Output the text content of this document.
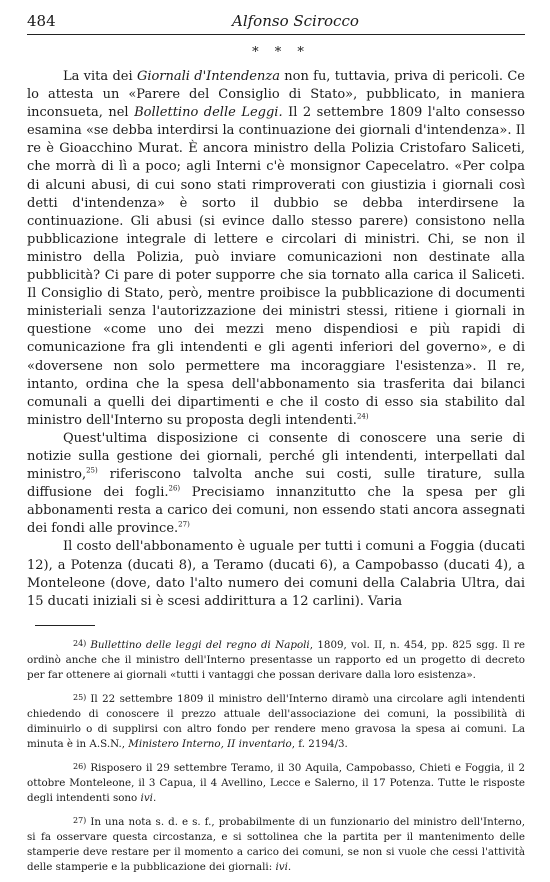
484	Alfonso Scirocco
* * *

La vita dei Giornali d'Intendenza non fu, tuttavia, priva di pericoli. Ce lo attesta un «Parere del Consiglio di Stato», pubblicato, in maniera inconsueta, nel Bollettino delle Leggi. Il 2 settembre 1809 l'alto consesso esamina «se debba interdirsi la continuazione dei giornali d'intendenza». Il re è Gioacchino Murat. È ancora ministro della Polizia Cristofaro Saliceti, che morrà di lì a poco; agli Interni c'è monsignor Capecelatro. «Per colpa di alcuni abusi, di cui sono stati rimproverati con giustizia i giornali così detti d'intendenza» è sorto il dubbio se debba interdirsene la continuazione. Gli abusi (si evince dallo stesso parere) consistono nella pubblicazione integrale di lettere e circolari di ministri. Chi, se non il ministro della Polizia, può inviare comunicazioni non destinate alla pubblicità? Ci pare di poter supporre che sia tornato alla carica il Saliceti. Il Consiglio di Stato, però, mentre proibisce la pubblicazione di documenti ministeriali senza l'autorizzazione dei ministri stessi, ritiene i giornali in questione «come uno dei mezzi meno dispendiosi e più rapidi di comunicazione fra gli intendenti e gli agenti inferiori del governo», e di «doversene non solo permettere ma incoraggiare l'esistenza». Il re, intanto, ordina che la spesa dell'abbonamento sia trasferita dai bilanci comunali a quelli dei dipartimenti e che il costo di esso sia stabilito dal ministro dell'Interno su proposta degli intendenti.$^{24)}$

Quest'ultima disposizione ci consente di conoscere una serie di notizie sulla gestione dei giornali, perché gli intendenti, interpellati dal ministro,$^{25)}$ riferiscono talvolta anche sui costi, sulle tirature, sulla diffusione dei fogli.$^{26)}$ Precisiamo innanzitutto che la spesa per gli abbonamenti resta a carico dei comuni, non essendo stati ancora assegnati dei fondi alle province.$^{27)}$

Il costo dell'abbonamento è uguale per tutti i comuni a Foggia (ducati 12), a Potenza (ducati 8), a Teramo (ducati 6), a Campobasso (ducati 4), a Monteleone (dove, dato l'alto numero dei comuni della Calabria Ultra, dai 15 ducati iniziali si è scesi addirittura a 12 carlini). Varia

24) Bullettino delle leggi del regno di Napoli, 1809, vol. II, n. 454, pp. 825 sgg. Il re ordinò anche che il ministro dell'Interno presentasse un rapporto ed un progetto di decreto per far ottenere ai giornali «tutti i vantaggi che possan derivare dalla loro esistenza».

25) Il 22 settembre 1809 il ministro dell'Interno diramò una circolare agli intendenti chiedendo di conoscere il prezzo attuale dell'associazione dei comuni, la possibilità di diminuirlo o di supplirsi con altro fondo per rendere meno gravosa la spesa ai comuni. La minuta è in A.S.N., Ministero Interno, II inventario, f. 2194/3.

26) Risposero il 29 settembre Teramo, il 30 Aquila, Campobasso, Chieti e Foggia, il 2 ottobre Monteleone, il 3 Capua, il 4 Avellino, Lecce e Salerno, il 17 Potenza. Tutte le risposte degli intendenti sono ivi.

27) In una nota s. d. e s. f., probabilmente di un funzionario del ministro dell'Interno, si fa osservare questa circostanza, e si sottolinea che la partita per il mantenimento delle stamperie deve restare per il momento a carico dei comuni, se non si vuole che cessi l'attività delle stamperie e la pubblicazione dei giornali: ivi.
